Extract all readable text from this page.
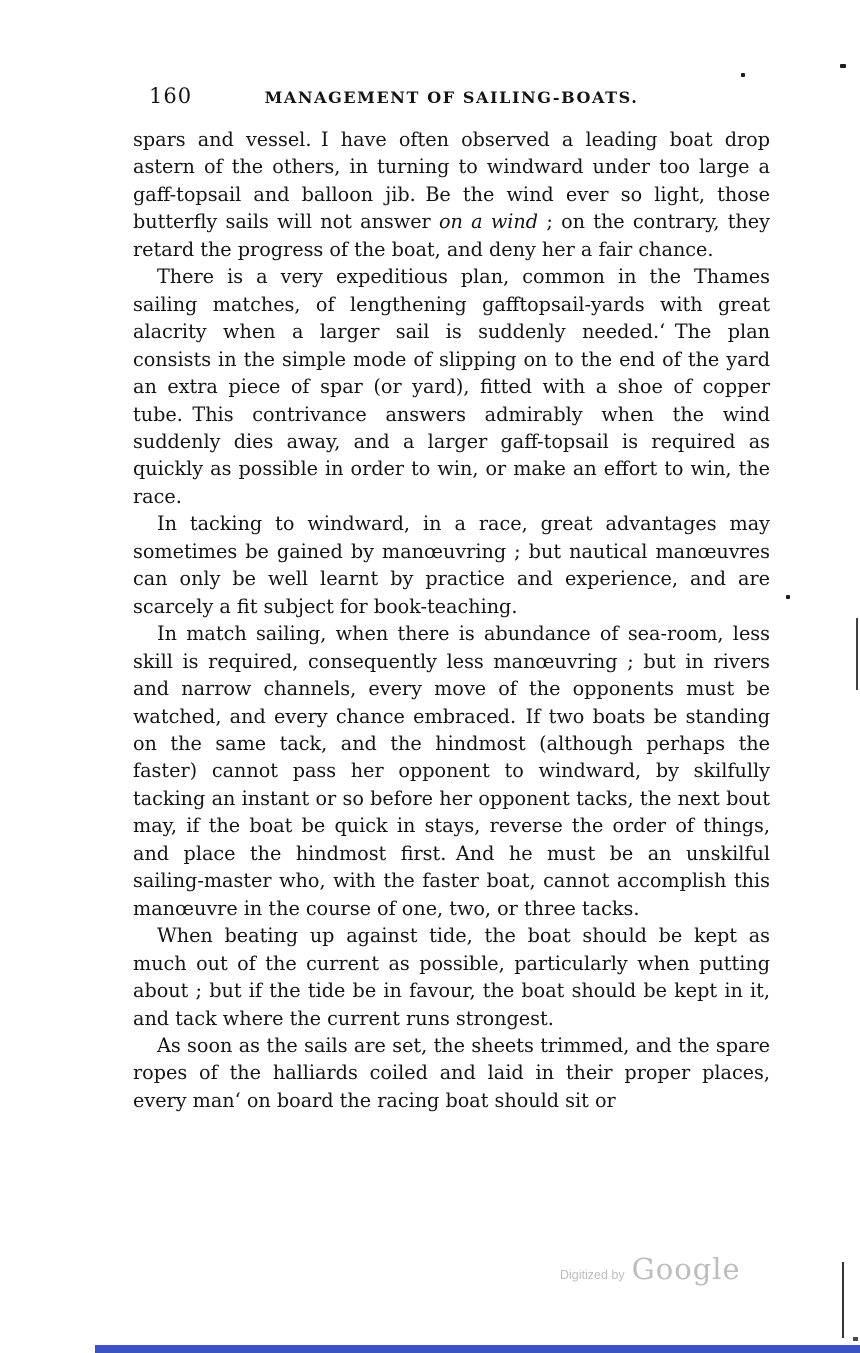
160	MANAGEMENT OF SAILING-BOATS.

spars and vessel. I have often observed a leading boat drop astern of the others, in turning to windward under too large a gaff-topsail and balloon jib. Be the wind ever so light, those butterfly sails will not answer on a wind ; on the contrary, they retard the progress of the boat, and deny her a fair chance.

There is a very expeditious plan, common in the Thames sailing matches, of lengthening gafftopsail-yards with great alacrity when a larger sail is suddenly needed.‘ The plan consists in the simple mode of slipping on to the end of the yard an extra piece of spar (or yard), fitted with a shoe of copper tube. This contrivance answers admirably when the wind suddenly dies away, and a larger gaff-topsail is required as quickly as possible in order to win, or make an effort to win, the race.

In tacking to windward, in a race, great advantages may sometimes be gained by manœuvring ; but nautical manœuvres can only be well learnt by practice and experience, and are scarcely a fit subject for book-teaching.

In match sailing, when there is abundance of sea-room, less skill is required, consequently less manœuvring ; but in rivers and narrow channels, every move of the opponents must be watched, and every chance embraced. If two boats be standing on the same tack, and the hindmost (although perhaps the faster) cannot pass her opponent to windward, by skilfully tacking an instant or so before her opponent tacks, the next bout may, if the boat be quick in stays, reverse the order of things, and place the hindmost first. And he must be an unskilful sailing-master who, with the faster boat, cannot accomplish this manœuvre in the course of one, two, or three tacks.

When beating up against tide, the boat should be kept as much out of the current as possible, particularly when putting about ; but if the tide be in favour, the boat should be kept in it, and tack where the current runs strongest.

As soon as the sails are set, the sheets trimmed, and the spare ropes of the halliards coiled and laid in their proper places, every man‘ on board the racing boat should sit or

Digitized by Google
